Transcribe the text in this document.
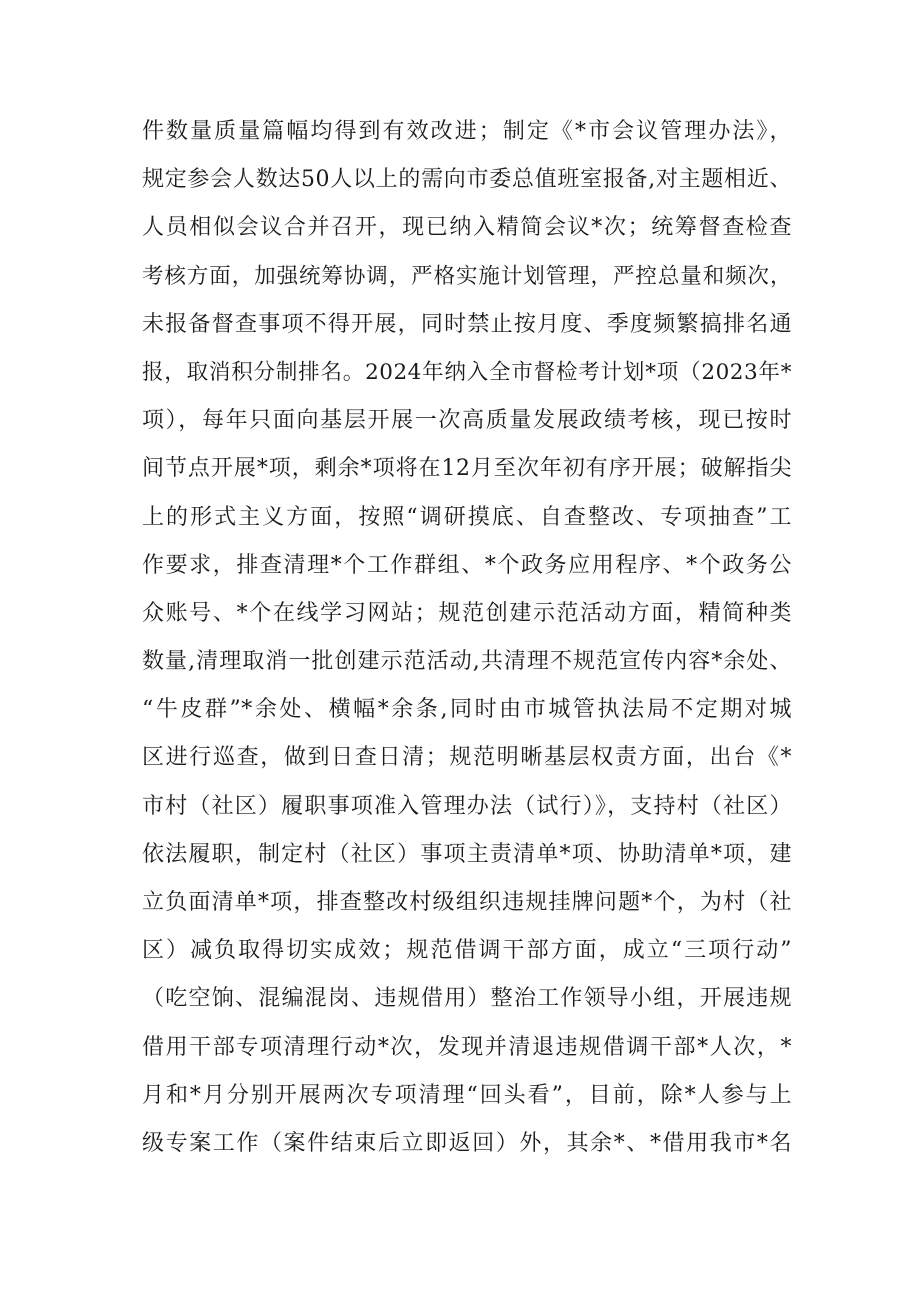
件数量质量篇幅均得到有效改进；制定《*市会议管理办法》，
规定参会人数达50人以上的需向市委总值班室报备,对主题相近、
人员相似会议合并召开，现已纳入精简会议*次；统筹督查检查
考核方面，加强统筹协调，严格实施计划管理，严控总量和频次，
未报备督查事项不得开展，同时禁止按月度、季度频繁搞排名通
报，取消积分制排名。2024年纳入全市督检考计划*项（2023年*
项），每年只面向基层开展一次高质量发展政绩考核，现已按时
间节点开展*项，剩余*项将在12月至次年初有序开展；破解指尖
上的形式主义方面，按照“调研摸底、自查整改、专项抽查”工
作要求，排查清理*个工作群组、*个政务应用程序、*个政务公
众账号、*个在线学习网站；规范创建示范活动方面，精简种类
数量,清理取消一批创建示范活动,共清理不规范宣传内容*余处、
“牛皮群”*余处、横幅*余条,同时由市城管执法局不定期对城
区进行巡查，做到日查日清；规范明晰基层权责方面，出台《*
市村（社区）履职事项准入管理办法（试行）》，支持村（社区）
依法履职，制定村（社区）事项主责清单*项、协助清单*项，建
立负面清单*项，排查整改村级组织违规挂牌问题*个，为村（社
区）减负取得切实成效；规范借调干部方面，成立“三项行动”
（吃空饷、混编混岗、违规借用）整治工作领导小组，开展违规
借用干部专项清理行动*次，发现并清退违规借调干部*人次，*
月和*月分别开展两次专项清理“回头看”，目前，除*人参与上
级专案工作（案件结束后立即返回）外，其余*、*借用我市*名
